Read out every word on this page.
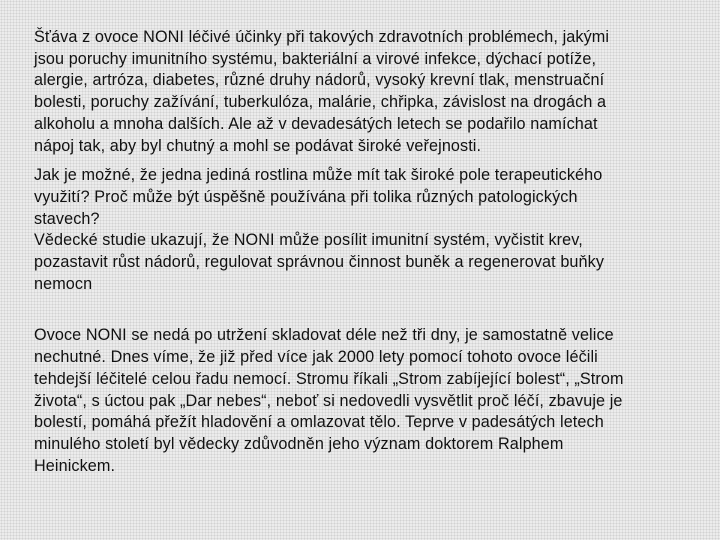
Šťáva z ovoce NONI léčivé účinky při takových zdravotních problémech, jakými
jsou poruchy imunitního systému, bakteriální a virové infekce, dýchací potíže,
alergie, artróza, diabetes, různé druhy nádorů, vysoký krevní tlak, menstruační
bolesti, poruchy zažívání, tuberkulóza, malárie, chřipka, závislost na drogách a
alkoholu a mnoha dalších. Ale až v devadesátých letech se podařilo namíchat
nápoj tak, aby byl chutný a mohl se podávat široké veřejnosti.

Jak je možné, že jedna jediná rostlina může mít tak široké pole terapeutického
využití? Proč může být úspěšně používána při tolika různých patologických
stavech?
Vědecké studie ukazují, že NONI může posílit imunitní systém, vyčistit krev,
pozastavit růst nádorů, regulovat správnou činnost buněk a regenerovat buňky
nemocn

Ovoce NONI se nedá po utržení skladovat déle než tři dny, je samostatně velice
nechutné. Dnes víme, že již před více jak 2000 lety pomocí tohoto ovoce léčili
tehdejší léčitelé celou řadu nemocí. Stromu říkali „Strom zabíjející bolest“, „Strom
života“, s úctou pak „Dar nebes“, neboť si nedovedli vysvětlit proč léčí, zbavuje je
bolestí, pomáhá přežít hladovění a omlazovat tělo. Teprve v padesátých letech
minulého století byl vědecky zdůvodněn jeho význam doktorem Ralphem
Heinickem.
